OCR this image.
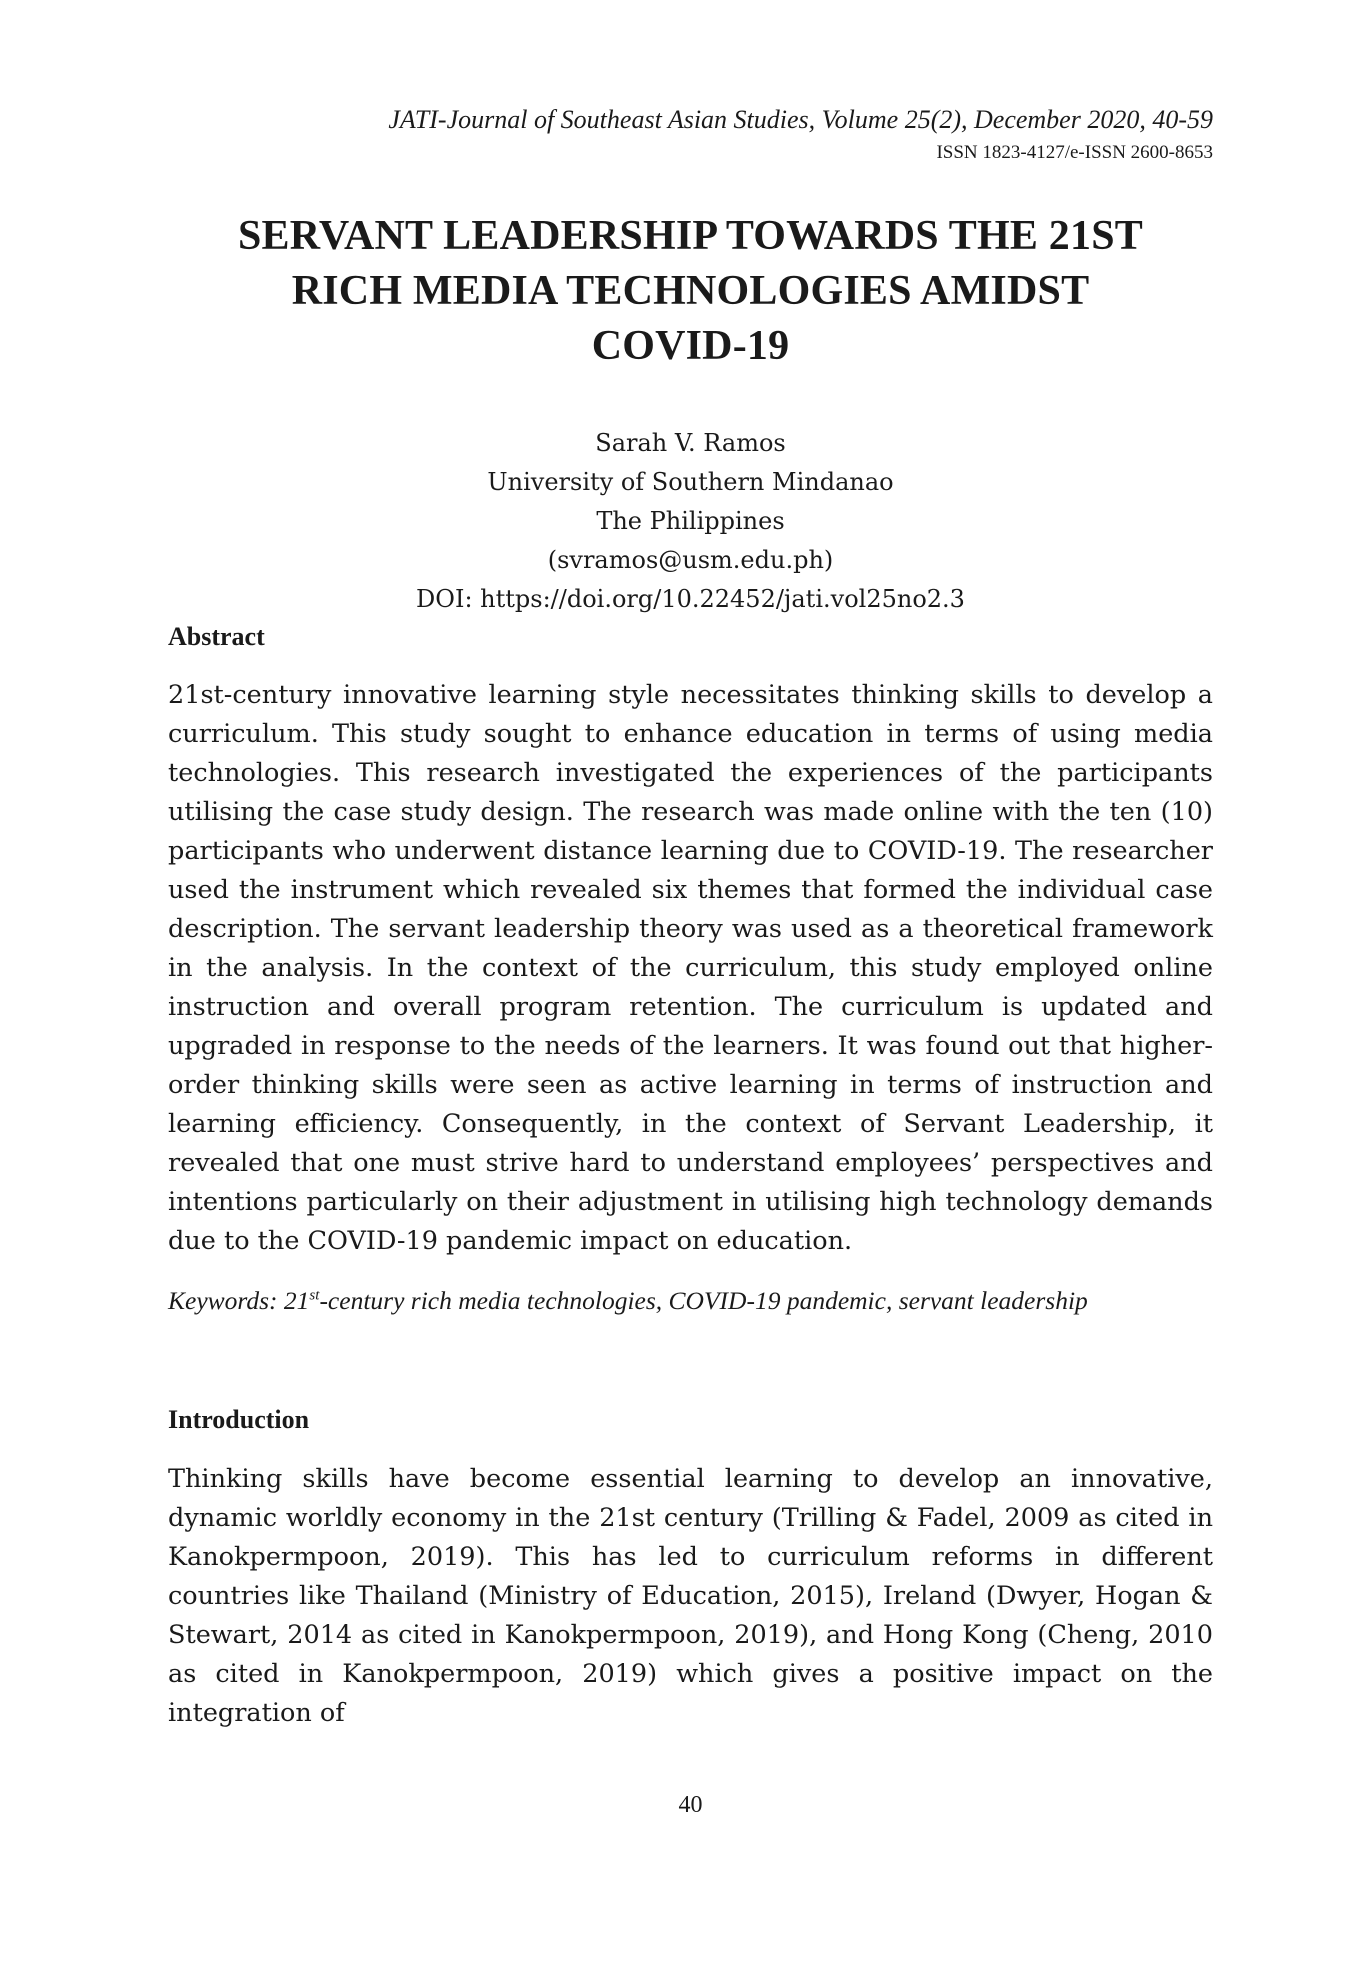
JATI-Journal of Southeast Asian Studies, Volume 25(2), December 2020, 40-59
ISSN 1823-4127/e-ISSN 2600-8653
SERVANT LEADERSHIP TOWARDS THE 21ST
RICH MEDIA TECHNOLOGIES AMIDST
COVID-19
Sarah V. Ramos
University of Southern Mindanao
The Philippines
(svramos@usm.edu.ph)
DOI: https://doi.org/10.22452/jati.vol25no2.3
Abstract
21st-century innovative learning style necessitates thinking skills to develop a curriculum. This study sought to enhance education in terms of using media technologies. This research investigated the experiences of the participants utilising the case study design. The research was made online with the ten (10) participants who underwent distance learning due to COVID-19. The researcher used the instrument which revealed six themes that formed the individual case description. The servant leadership theory was used as a theoretical framework in the analysis. In the context of the curriculum, this study employed online instruction and overall program retention. The curriculum is updated and upgraded in response to the needs of the learners. It was found out that higher-order thinking skills were seen as active learning in terms of instruction and learning efficiency. Consequently, in the context of Servant Leadership, it revealed that one must strive hard to understand employees’ perspectives and intentions particularly on their adjustment in utilising high technology demands due to the COVID-19 pandemic impact on education.
Keywords: 21st-century rich media technologies, COVID-19 pandemic, servant leadership
Introduction
Thinking skills have become essential learning to develop an innovative, dynamic worldly economy in the 21st century (Trilling & Fadel, 2009 as cited in Kanokpermpoon, 2019). This has led to curriculum reforms in different countries like Thailand (Ministry of Education, 2015), Ireland (Dwyer, Hogan & Stewart, 2014 as cited in Kanokpermpoon, 2019), and Hong Kong (Cheng, 2010 as cited in Kanokpermpoon, 2019) which gives a positive impact on the integration of
40
